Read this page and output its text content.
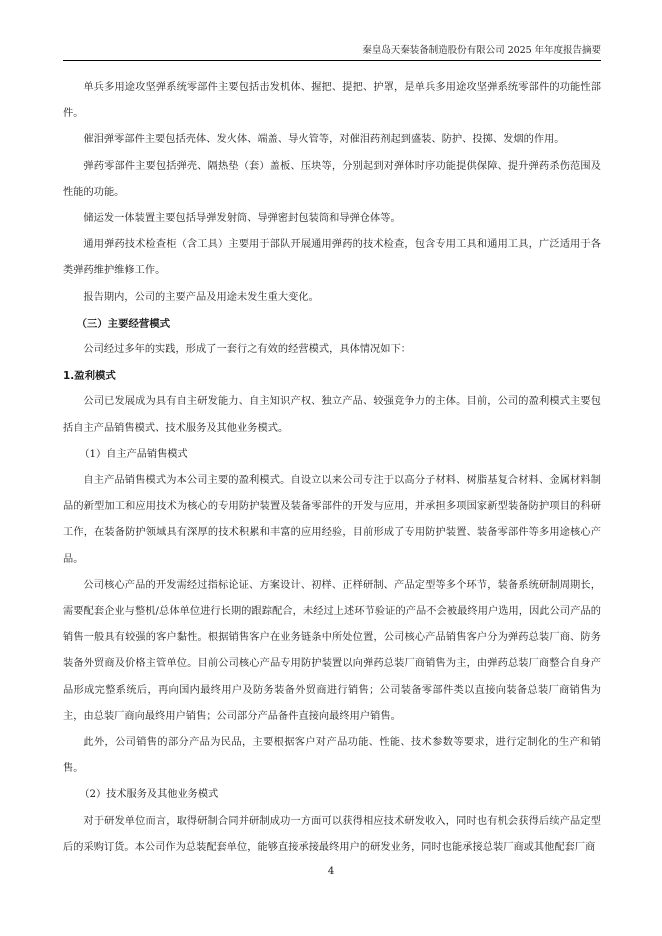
秦皇岛天秦装备制造股份有限公司 2025 年年度报告摘要

单兵多用途攻坚弹系统零部件主要包括击发机体、握把、提把、护罩，是单兵多用途攻坚弹系统零部件的功能性部件。

催泪弹零部件主要包括壳体、发火体、端盖、导火管等，对催泪药剂起到盛装、防护、投掷、发烟的作用。

弹药零部件主要包括弹壳、隔热垫（套）盖板、压块等，分别起到对弹体时序功能提供保障、提升弹药杀伤范围及性能的功能。

储运发一体装置主要包括导弹发射筒、导弹密封包装筒和导弹仓体等。

通用弹药技术检查柜（含工具）主要用于部队开展通用弹药的技术检查，包含专用工具和通用工具，广泛适用于各类弹药维护维修工作。

报告期内，公司的主要产品及用途未发生重大变化。

（三）主要经营模式

公司经过多年的实践，形成了一套行之有效的经营模式，具体情况如下：

1.盈利模式

公司已发展成为具有自主研发能力、自主知识产权、独立产品、较强竞争力的主体。目前，公司的盈利模式主要包括自主产品销售模式、技术服务及其他业务模式。

（1）自主产品销售模式

自主产品销售模式为本公司主要的盈利模式。自设立以来公司专注于以高分子材料、树脂基复合材料、金属材料制品的新型加工和应用技术为核心的专用防护装置及装备零部件的开发与应用，并承担多项国家新型装备防护项目的科研工作，在装备防护领域具有深厚的技术积累和丰富的应用经验，目前形成了专用防护装置、装备零部件等多用途核心产品。

公司核心产品的开发需经过指标论证、方案设计、初样、正样研制、产品定型等多个环节，装备系统研制周期长，需要配套企业与整机/总体单位进行长期的跟踪配合，未经过上述环节验证的产品不会被最终用户选用，因此公司产品的销售一般具有较强的客户黏性。根据销售客户在业务链条中所处位置，公司核心产品销售客户分为弹药总装厂商、防务装备外贸商及价格主管单位。目前公司核心产品专用防护装置以向弹药总装厂商销售为主，由弹药总装厂商整合自身产品形成完整系统后，再向国内最终用户及防务装备外贸商进行销售；公司装备零部件类以直接向装备总装厂商销售为主，由总装厂商向最终用户销售；公司部分产品备件直接向最终用户销售。

此外，公司销售的部分产品为民品，主要根据客户对产品功能、性能、技术参数等要求，进行定制化的生产和销售。

（2）技术服务及其他业务模式

对于研发单位而言，取得研制合同并研制成功一方面可以获得相应技术研发收入，同时也有机会获得后续产品定型后的采购订货。本公司作为总装配套单位，能够直接承接最终用户的研发业务，同时也能承接总装厂商或其他配套厂商

4
